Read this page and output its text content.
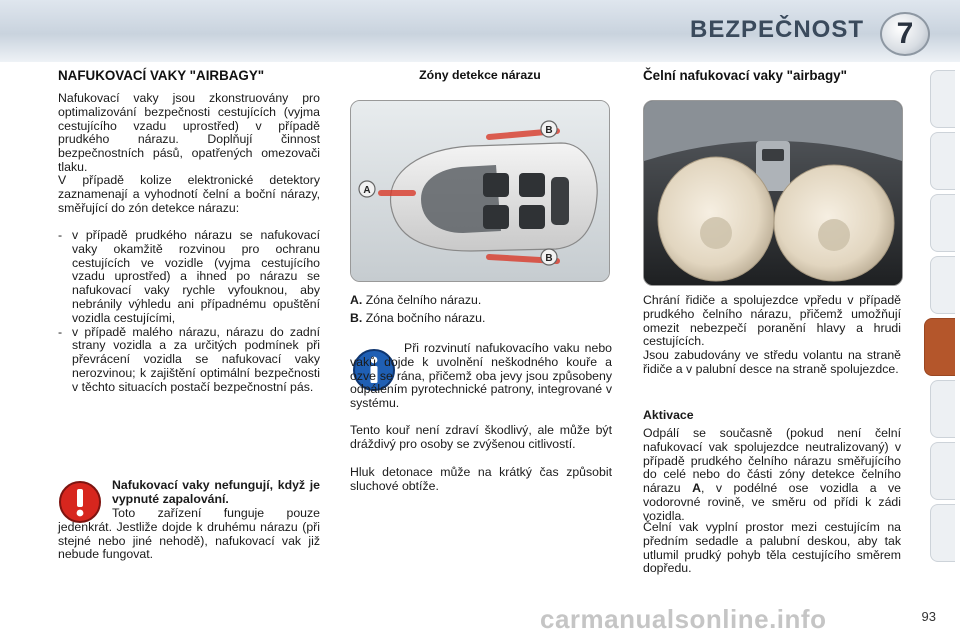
BEZPEČNOST	7
NAFUKOVACÍ VAKY "AIRBAGY"
Nafukovací vaky jsou zkonstruovány pro optimalizování bezpečnosti cestujících (vyjma cestujícího vzadu uprostřed) v případě prudkého nárazu. Doplňují činnost bezpečnostních pásů, opatřených omezovači tlaku.
V případě kolize elektronické detektory zaznamenají a vyhodnotí čelní a boční nárazy, směřující do zón detekce nárazu:
- v případě prudkého nárazu se nafukovací vaky okamžitě rozvinou pro ochranu cestujících ve vozidle (vyjma cestujícího vzadu uprostřed) a ihned po nárazu se nafukovací vaky rychle vyfouknou, aby nebránily výhledu ani případnému opuštění vozidla cestujícími,
- v případě malého nárazu, nárazu do zadní strany vozidla a za určitých podmínek při převrácení vozidla se nafukovací vaky nerozvinou; k zajištění optimální bezpečnosti v těchto situacích postačí bezpečnostní pás.
Nafukovací vaky nefungují, když je vypnuté zapalování.
Toto zařízení funguje pouze jedenkrát. Jestliže dojde k druhému nárazu (při stejné nebo jiné nehodě), nafukovací vak již nebude fungovat.
Zóny detekce nárazu
A
B
B
A. Zóna čelního nárazu.
B. Zóna bočního nárazu.
Při rozvinutí nafukovacího vaku nebo vaků dojde k uvolnění neškodného kouře a ozve se rána, přičemž oba jevy jsou způsobeny odpálením pyrotechnické patrony, integrované v systému.
Tento kouř není zdraví škodlivý, ale může být dráždivý pro osoby se zvýšenou citlivostí.
Hluk detonace může na krátký čas způsobit sluchové obtíže.
Čelní nafukovací vaky "airbagy"
Chrání řidiče a spolujezdce vpředu v případě prudkého čelního nárazu, přičemž umožňují omezit nebezpečí poranění hlavy a hrudi cestujících.
Jsou zabudovány ve středu volantu na straně řidiče a v palubní desce na straně spolujezdce.
Aktivace
Odpálí se současně (pokud není čelní nafukovací vak spolujezdce neutralizovaný) v případě prudkého čelního nárazu směřujícího do celé nebo do části zóny detekce čelního nárazu A, v podélné ose vozidla a ve vodorovné rovině, ve směru od přídi k zádi vozidla.
Čelní vak vyplní prostor mezi cestujícím na předním sedadle a palubní deskou, aby tak utlumil prudký pohyb těla cestujícího směrem dopředu.
93
carmanualsonline.info
